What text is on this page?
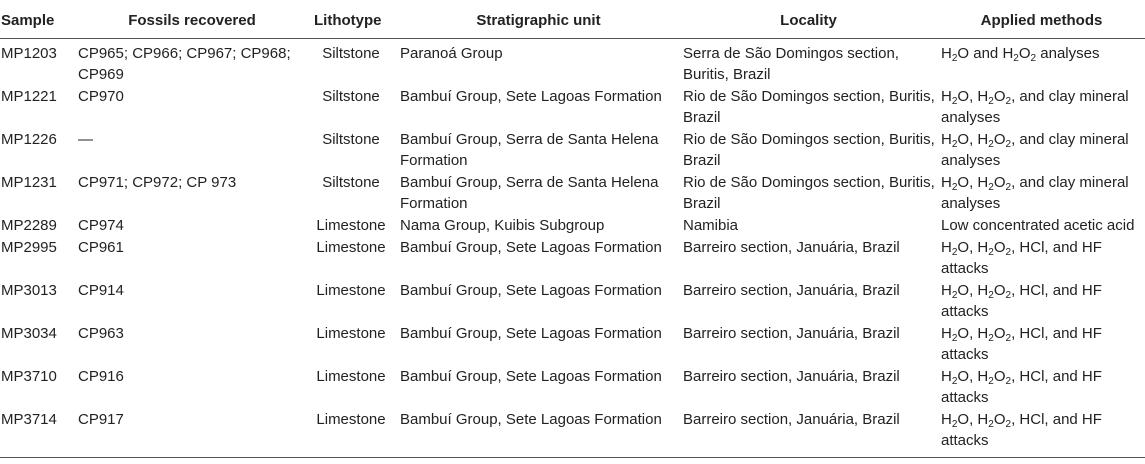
Sample	Fossils recovered	Lithotype	Stratigraphic unit	Locality	Applied methods
MP1203	CP965; CP966; CP967; CP968; CP969	Siltstone	Paranoá Group	Serra de São Domingos section, Buritis, Brazil	$H_2O$ and $H_2O_2$ analyses
MP1221	CP970	Siltstone	Bambuí Group, Sete Lagoas Formation	Rio de São Domingos section, Buritis, Brazil	$H_2O$, $H_2O_2$, and clay mineral analyses
MP1226	—	Siltstone	Bambuí Group, Serra de Santa Helena Formation	Rio de São Domingos section, Buritis, Brazil	$H_2O$, $H_2O_2$, and clay mineral analyses
MP1231	CP971; CP972; CP 973	Siltstone	Bambuí Group, Serra de Santa Helena Formation	Rio de São Domingos section, Buritis, Brazil	$H_2O$, $H_2O_2$, and clay mineral analyses
MP2289	CP974	Limestone	Nama Group, Kuibis Subgroup	Namibia	Low concentrated acetic acid
MP2995	CP961	Limestone	Bambuí Group, Sete Lagoas Formation	Barreiro section, Januária, Brazil	$H_2O$, $H_2O_2$, HCl, and HF attacks
MP3013	CP914	Limestone	Bambuí Group, Sete Lagoas Formation	Barreiro section, Januária, Brazil	$H_2O$, $H_2O_2$, HCl, and HF attacks
MP3034	CP963	Limestone	Bambuí Group, Sete Lagoas Formation	Barreiro section, Januária, Brazil	$H_2O$, $H_2O_2$, HCl, and HF attacks
MP3710	CP916	Limestone	Bambuí Group, Sete Lagoas Formation	Barreiro section, Januária, Brazil	$H_2O$, $H_2O_2$, HCl, and HF attacks
MP3714	CP917	Limestone	Bambuí Group, Sete Lagoas Formation	Barreiro section, Januária, Brazil	$H_2O$, $H_2O_2$, HCl, and HF attacks
